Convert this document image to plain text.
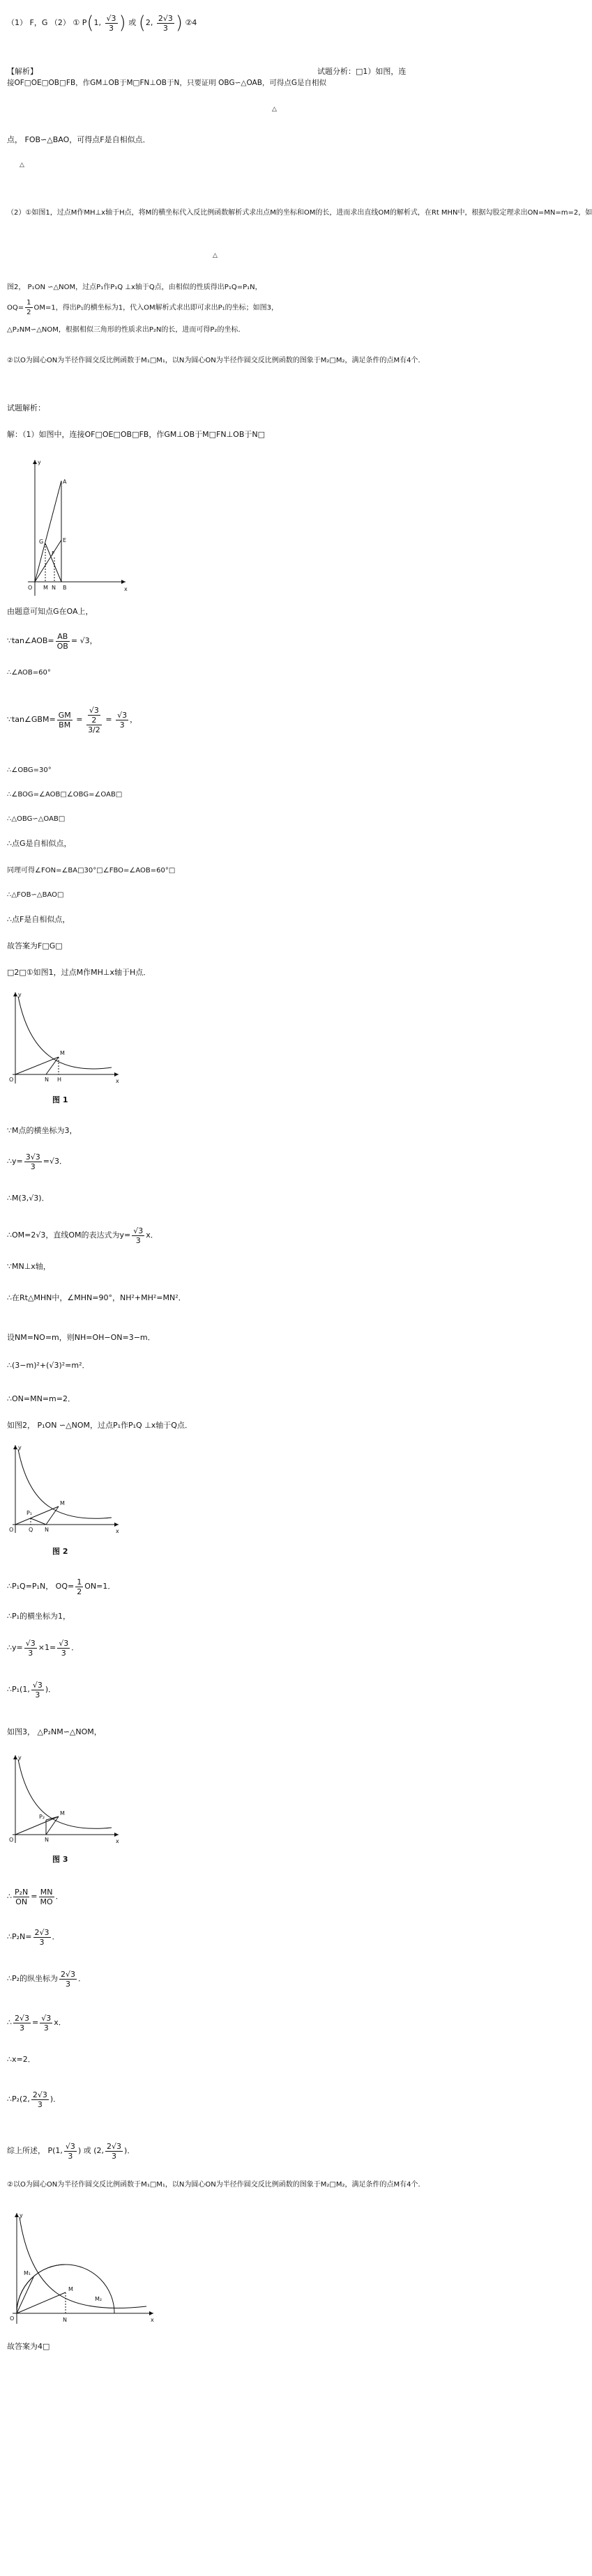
（1） F，G （2） ① P(1, $\frac{√3}{3}$ ) 或 (2, $\frac{2√3}{3}$ ) ②4
【解析】	试题分析：□1）如图，连
接OF□OE□OB□FB，作GM⊥OB于M□FN⊥OB于N，只要证明 OBG∽△OAB，可得点G是自相似
△
点， FOB∽△BAO，可得点F是自相似点．
△
（2）①如图1，过点M作MH⊥x轴于H点，将M的横坐标代入反比例函数解析式求出点M的坐标和OM的长，进而求出直线OM的解析式，在Rt MHN中，根据勾股定理求出ON=MN=m=2，如
△
图2， P₁ON ∽△NOM，过点P₁作P₁Q ⊥x轴于Q点，由相似的性质得出P₁Q=P₁N，
$OQ= \frac{1}{2} OM=1$，得出P₁的横坐标为1，代入OM解析式求出即可求出P₁的坐标；如图3，
△P₂NM∽△NOM，根据相似三角形的性质求出P₂N的长，进而可得P₂的坐标．
②以O为圆心ON为半径作圆交反比例函数于M₁□M₁，以N为圆心ON为半径作圆交反比例函数的图象于M₂□M₂，满足条件的点M有4个．
试题解析：
解：（1）如图中，连接OF□OE□OB□FB，作GM⊥OB于M□FN⊥OB于N□
y
x
A
B
G	E
F
O M N
由题意可知点G在OA上，
∵tan∠AOB= $\frac{AB}{OB} = √3$，
∴∠AOB=60°
∵tan∠GBM= $\frac{GM}{BM} = \frac{\frac{√3}{2}}{3/2} = \frac{√3}{3}$ ，
∴∠OBG=30°
∴∠BOG=∠AOB□∠OBG=∠OAB□
∴△OBG∽△OAB□
∴点G是自相似点，
同理可得∠FON=∠BA□30°□∠FBO=∠AOB=60°□
∴△FOB∽△BAO□
∴点F是自相似点，
故答案为F□G□
□2□①如图1，过点M作MH⊥x轴于H点．
y
x
O
M
H
N
图 1
∵M点的横坐标为3，
∴y= $\frac{3√3}{3} =√3$．
∴M(3,√3)．
∴OM=2√3，直线OM的表达式为$y= \frac{√3}{3}$ x．
∵MN⊥x轴，
∴在Rt△MHN中，∠MHN=90°，NH²+MH²=MN²．
设NM=NO=m，则NH=OH−ON=3−m．
∴(3−m)²+(√3)²=m²．
∴ON=MN=m=2．
如图2， P₁ON ∽△NOM，过点P₁作P₁Q ⊥x轴于Q点．
y
x
O
M
P₁
Q N
图 2
∴P₁Q=P₁N， $OQ= \frac{1}{2} ON=1$．
∴P₁的横坐标为1，
∴y= $\frac{√3}{3} \times 1= \frac{√3}{3}$ ．
∴P₁(1, $\frac{√3}{3}$ )．
如图3， △P₂NM∽△NOM，
y
x
O
M
P₂
N
图 3
∴ $\frac{\text{P₂N}}{ON} = \frac{MN}{MO}$ ．
∴P₂N= $\frac{2√3}{3}$ ．
∴P₂的纵坐标为 $\frac{2√3}{3}$ ．
∴ $\frac{2√3}{3} = \frac{√3}{3}$ x．
∴x=2．
∴P₂(2, $\frac{2√3}{3}$ )．
综上所述， P(1, $\frac{√3}{3}$ ) 或 (2, $\frac{2√3}{3}$ )．
②以O为圆心ON为半径作圆交反比例函数于M₁□M₁，以N为圆心ON为半径作圆交反比例函数的图象于M₂□M₂，满足条件的点M有4个．
y
x
O	N
M₁
M
M₂
故答案为4□
